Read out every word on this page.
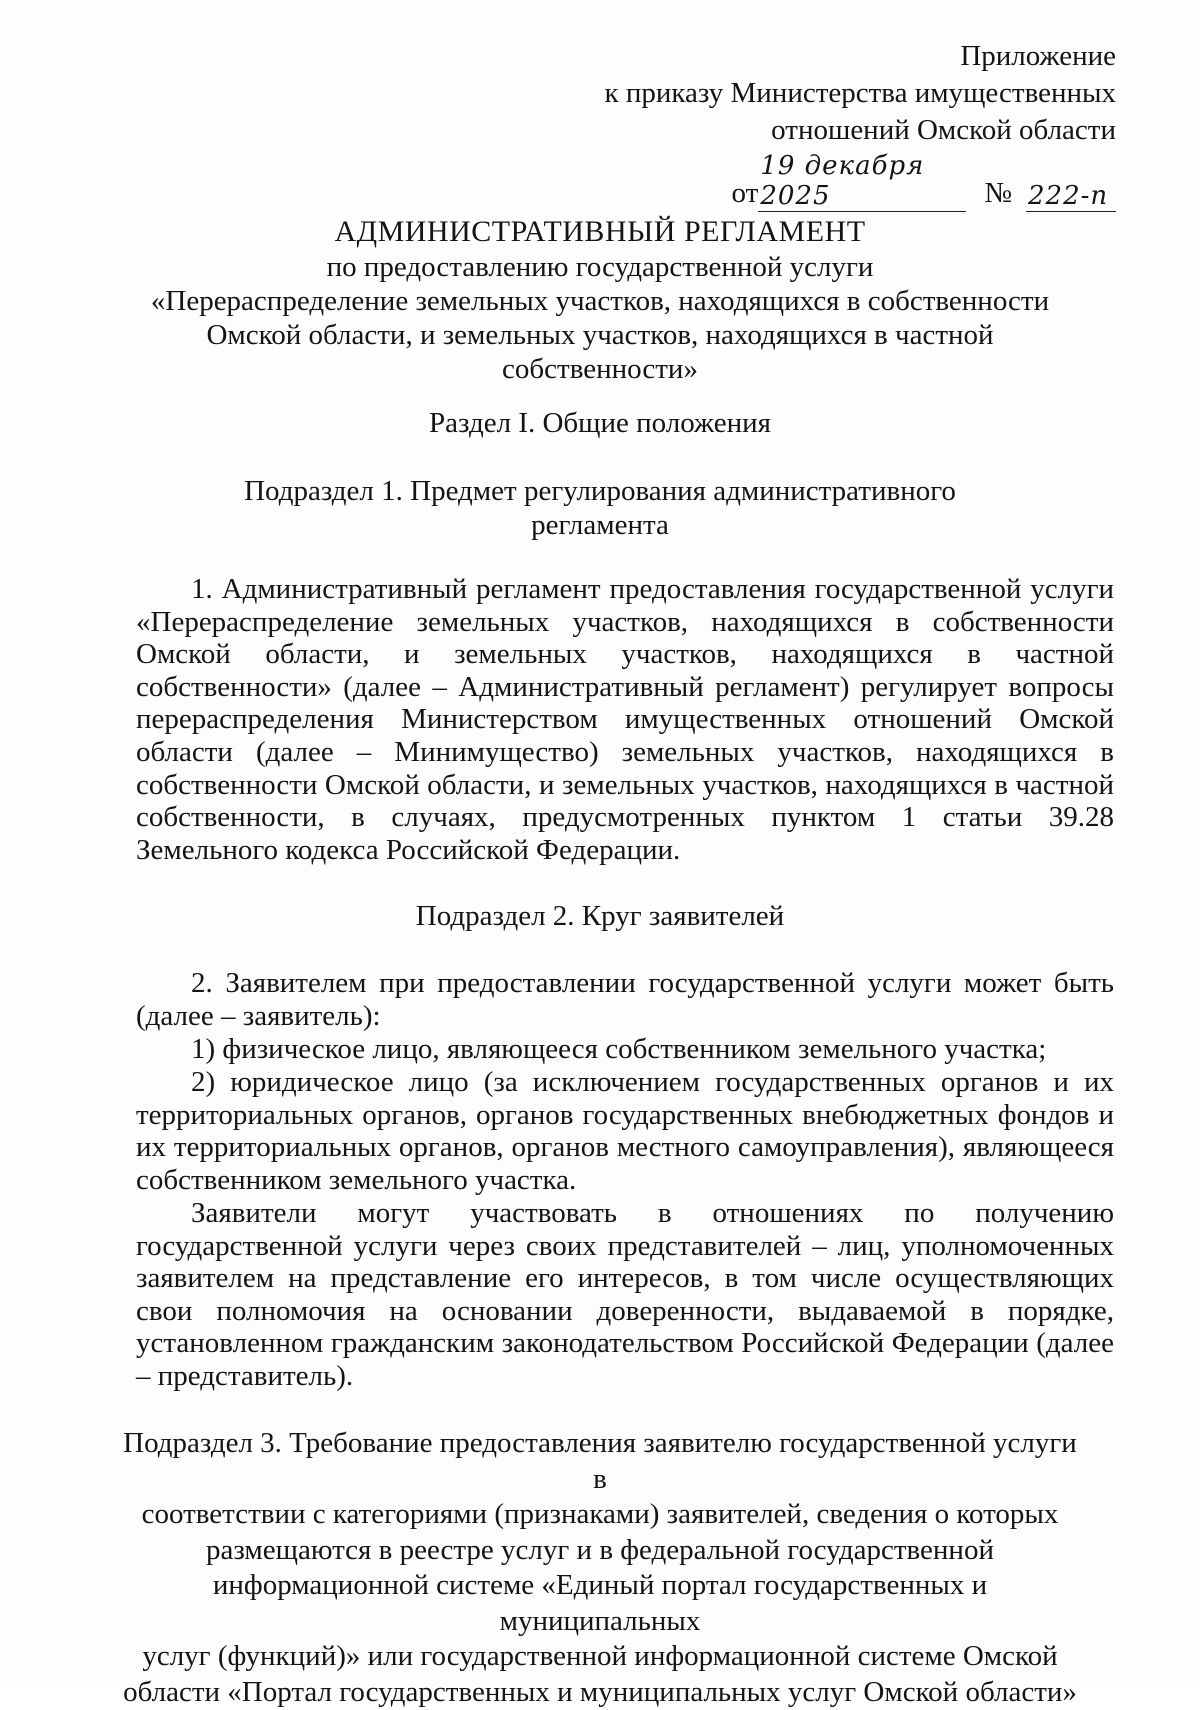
Приложение
к приказу Министерства имущественных
отношений Омской области
от
19 декабря 2025	№ 222-п
АДМИНИСТРАТИВНЫЙ РЕГЛАМЕНТ
по предоставлению государственной услуги
«Перераспределение земельных участков, находящихся в собственности
Омской области, и земельных участков, находящихся в частной собственности»
Раздел I. Общие положения
Подраздел 1. Предмет регулирования административного
регламента

1. Административный регламент предоставления государственной услуги «Перераспределение земельных участков, находящихся в собственности Омской области, и земельных участков, находящихся в частной собственности» (далее – Административный регламент) регулирует вопросы перераспределения Министерством имущественных отношений Омской области (далее – Минимущество) земельных участков, находящихся в собственности Омской области, и земельных участков, находящихся в частной собственности, в случаях, предусмотренных пунктом 1 статьи 39.28 Земельного кодекса Российской Федерации.

Подраздел 2. Круг заявителей

2. Заявителем при предоставлении государственной услуги может быть (далее – заявитель):

1) физическое лицо, являющееся собственником земельного участка;

2) юридическое лицо (за исключением государственных органов и их территориальных органов, органов государственных внебюджетных фондов и их территориальных органов, органов местного самоуправления), являющееся собственником земельного участка.

Заявители могут участвовать в отношениях по получению государственной услуги через своих представителей – лиц, уполномоченных заявителем на представление его интересов, в том числе осуществляющих свои полномочия на основании доверенности, выдаваемой в порядке, установленном гражданским законодательством Российской Федерации (далее – представитель).

Подраздел 3. Требование предоставления заявителю государственной услуги в
соответствии с категориями (признаками) заявителей, сведения о которых
размещаются в реестре услуг и в федеральной государственной
информационной системе «Единый портал государственных и муниципальных
услуг (функций)» или государственной информационной системе Омской
области «Портал государственных и муниципальных услуг Омской области»
